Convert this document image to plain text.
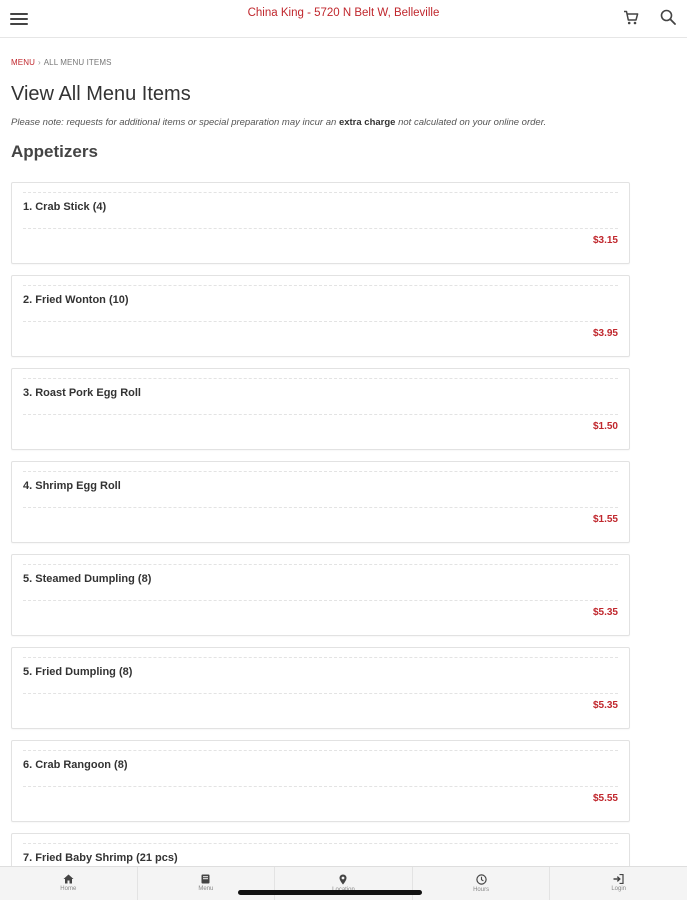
China King - 5720 N Belt W, Belleville
MENU › ALL MENU ITEMS
View All Menu Items
Please note: requests for additional items or special preparation may incur an extra charge not calculated on your online order.
Appetizers
1. Crab Stick (4)
$3.15
2. Fried Wonton (10)
$3.95
3. Roast Pork Egg Roll
$1.50
4. Shrimp Egg Roll
$1.55
5. Steamed Dumpling (8)
$5.35
5. Fried Dumpling (8)
$5.35
6. Crab Rangoon (8)
$5.55
7. Fried Baby Shrimp (21 pcs)
Home	Menu	Hours	Login
